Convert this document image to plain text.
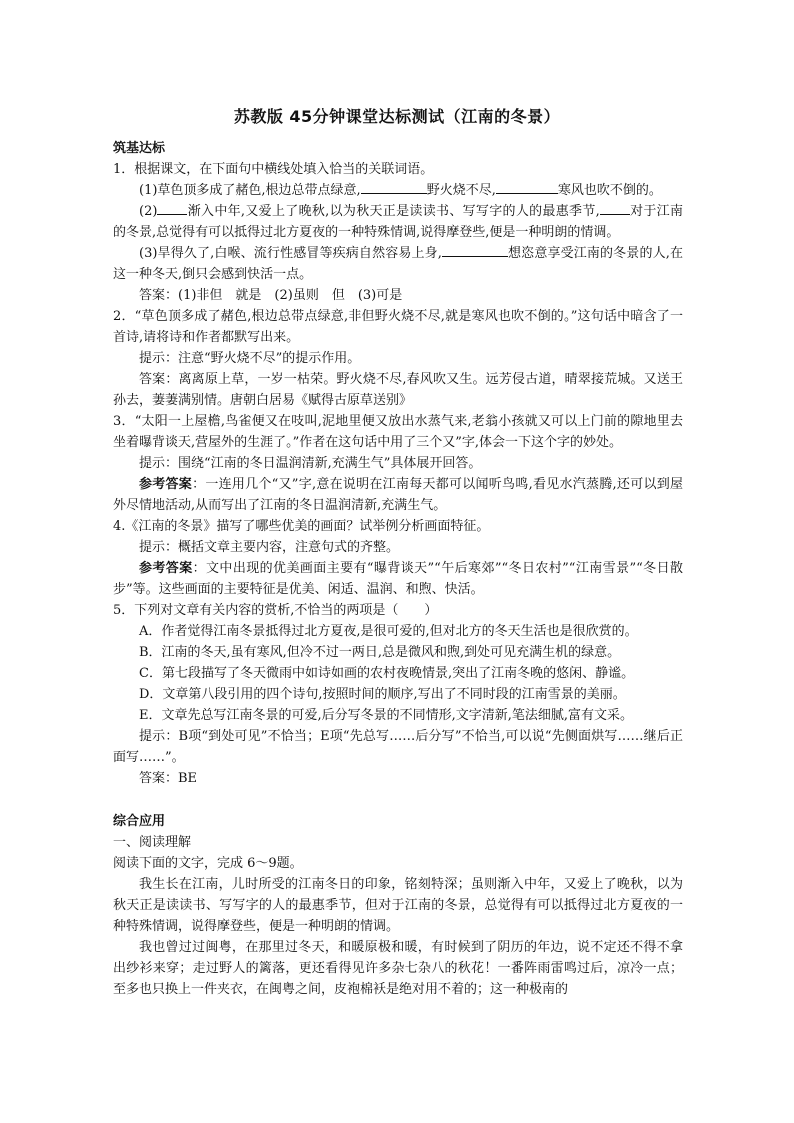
苏教版 45分钟课堂达标测试（江南的冬景）
筑基达标

1．根据课文，在下面句中横线处填入恰当的关联词语。

(1)草色顶多成了赭色,根边总带点绿意,	野火烧不尽,	寒风也吹不倒的。

(2) 渐入中年,又爱上了晚秋,以为秋天正是读读书、写写字的人的最惠季节, 对于江南的冬景,总觉得有可以抵得过北方夏夜的一种特殊情调,说得摩登些,便是一种明朗的情调。

(3)旱得久了,白喉、流行性感冒等疾病自然容易上身,	想恣意享受江南的冬景的人,在这一种冬天,倒只会感到快活一点。

答案：(1)非但　就是　(2)虽则　但　(3)可是

2．“草色顶多成了赭色,根边总带点绿意,非但野火烧不尽,就是寒风也吹不倒的。”这句话中暗含了一首诗,请将诗和作者都默写出来。

提示：注意“野火烧不尽”的提示作用。

答案：离离原上草，一岁一枯荣。野火烧不尽,春风吹又生。远芳侵古道，晴翠接荒城。又送王孙去，萋萋满别情。唐朝白居易《赋得古原草送别》

3．“太阳一上屋檐,鸟雀便又在吱叫,泥地里便又放出水蒸气来,老翁小孩就又可以上门前的隙地里去坐着曝背谈天,营屋外的生涯了。”作者在这句话中用了三个又”字,体会一下这个字的妙处。

提示：围绕“江南的冬日温润清新,充满生气”具体展开回答。

参考答案：一连用几个“又”字,意在说明在江南每天都可以闻听鸟鸣,看见水汽蒸腾,还可以到屋外尽情地活动,从而写出了江南的冬日温润清新,充满生气。

4.《江南的冬景》描写了哪些优美的画面？试举例分析画面特征。

提示：概括文章主要内容，注意句式的齐整。

参考答案：文中出现的优美画面主要有“曝背谈天”“午后寒郊”“冬日农村”“江南雪景”“冬日散步”等。这些画面的主要特征是优美、闲适、温润、和煦、快活。

5．下列对文章有关内容的赏析,不恰当的两项是（　　）

A．作者觉得江南冬景抵得过北方夏夜,是很可爱的,但对北方的冬天生活也是很欣赏的。

B．江南的冬天,虽有寒风,但冷不过一两日,总是微风和煦,到处可见充满生机的绿意。

C．第七段描写了冬天微雨中如诗如画的农村夜晚情景,突出了江南冬晚的悠闲、静谧。

D．文章第八段引用的四个诗句,按照时间的顺序,写出了不同时段的江南雪景的美丽。

E．文章先总写江南冬景的可爱,后分写冬景的不同情形,文字清新,笔法细腻,富有文采。

提示：B项“到处可见”不恰当；E项“先总写……后分写”不恰当,可以说“先侧面烘写……继后正面写……”。

答案：BE

综合应用

一、阅读理解

阅读下面的文字，完成 6～9题。

我生长在江南，儿时所受的江南冬日的印象，铭刻特深；虽则渐入中年，又爱上了晚秋，以为秋天正是读读书、写写字的人的最惠季节，但对于江南的冬景，总觉得有可以抵得过北方夏夜的一种特殊情调，说得摩登些，便是一种明朗的情调。

我也曾过过闽粤，在那里过冬天，和暖原极和暖，有时候到了阴历的年边，说不定还不得不拿出纱衫来穿；走过野人的篱落，更还看得见许多杂七杂八的秋花！一番阵雨雷鸣过后，凉冷一点；至多也只换上一件夹衣，在闽粤之间，皮袍棉袄是绝对用不着的；这一种极南的
